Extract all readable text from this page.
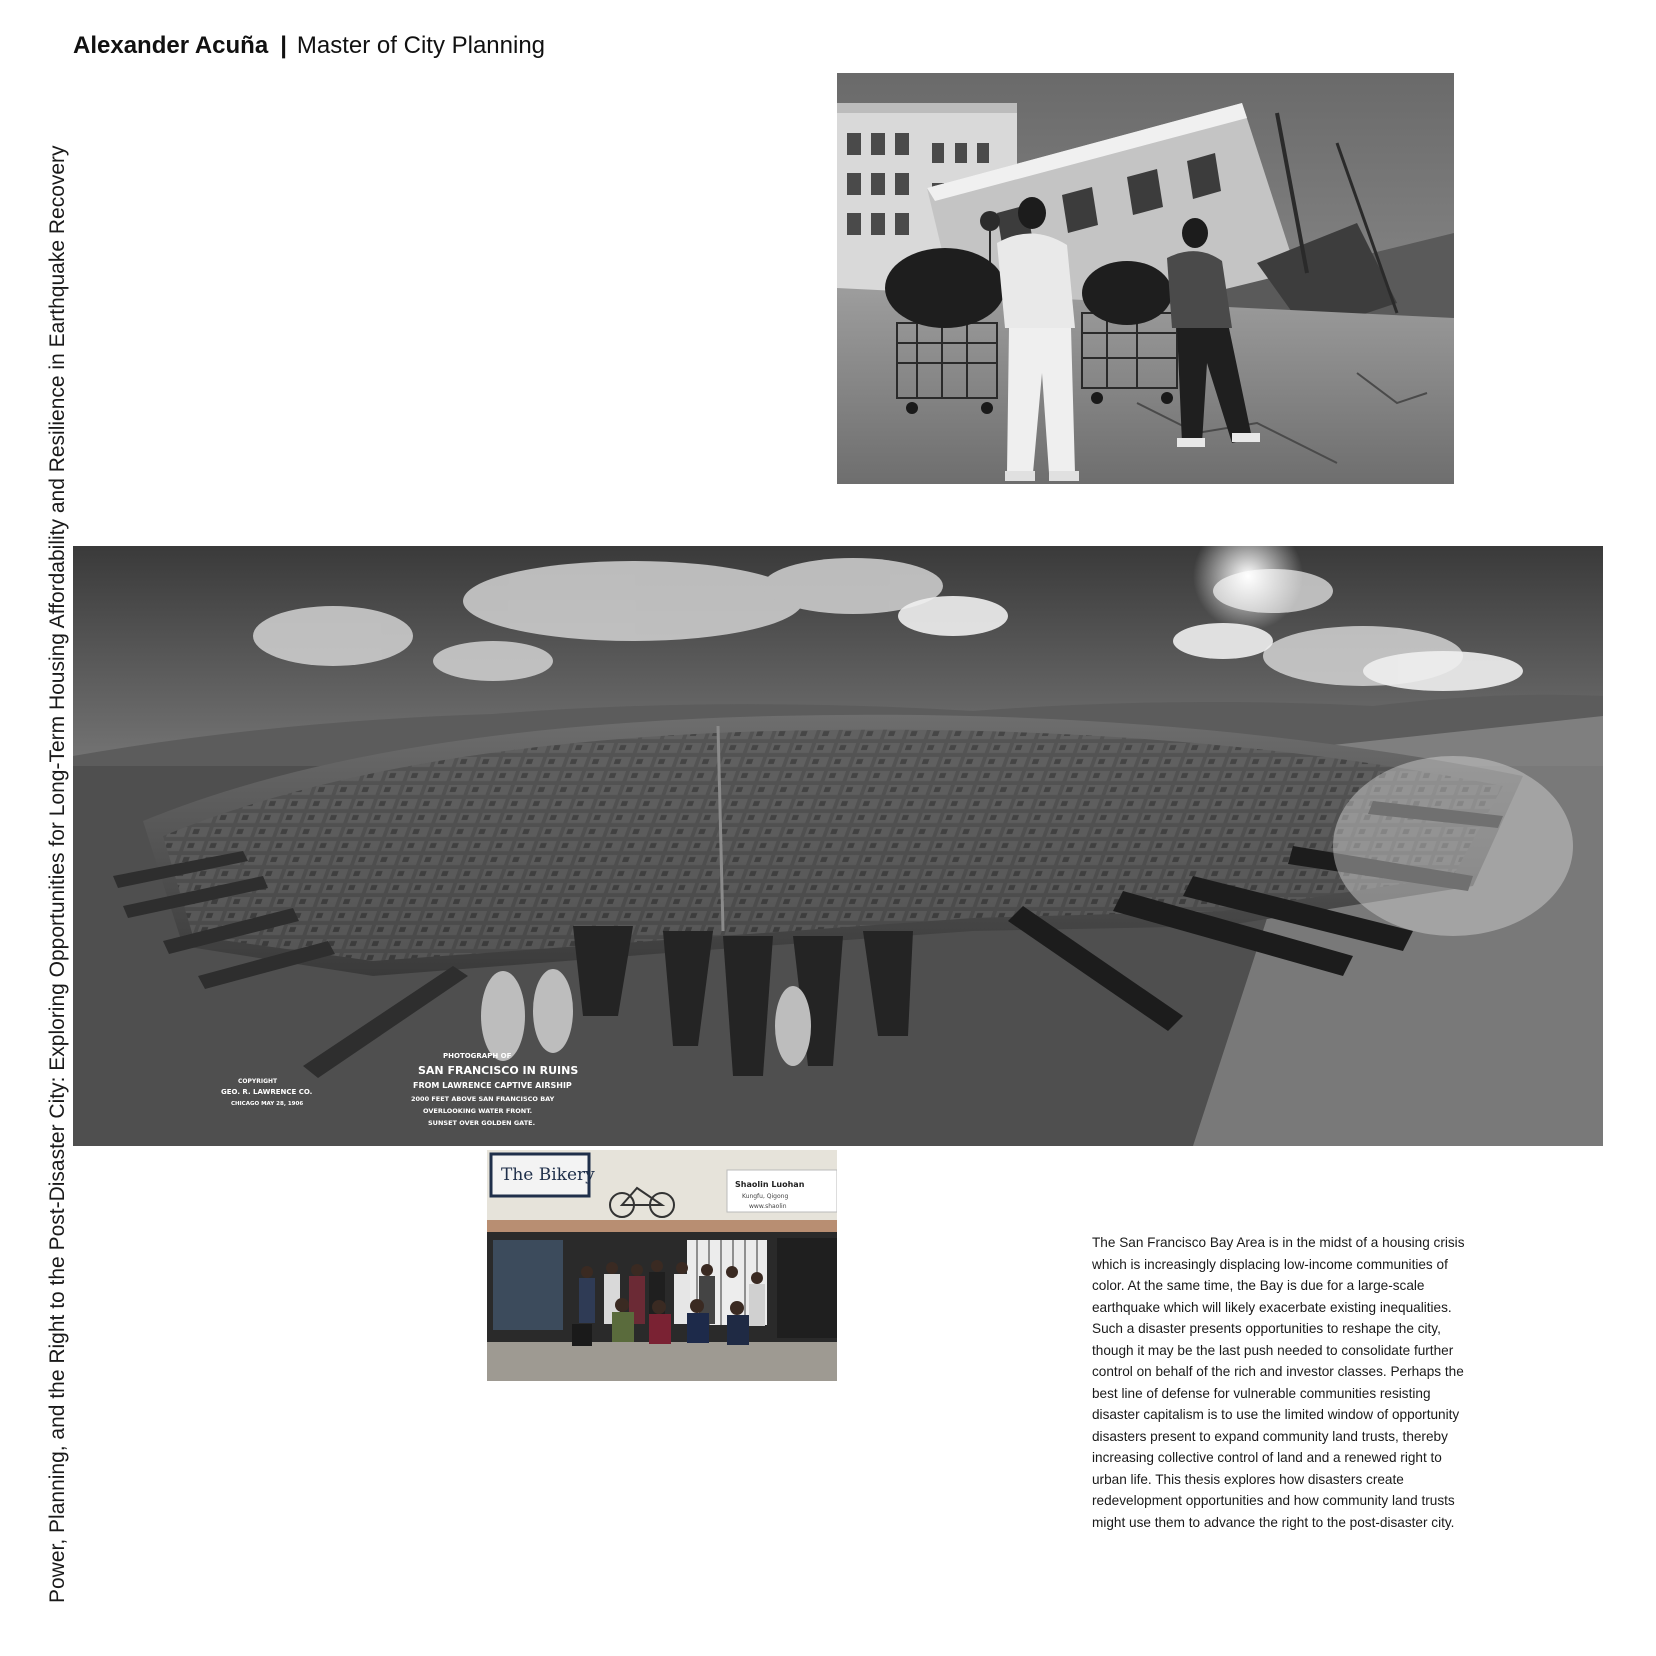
Power, Planning, and the Right to the Post-Disaster City: Exploring Opportunities for Long-Term Housing Affordability and Resilience in Earthquake Recovery
Alexander Acuña | Master of City Planning
PHOTOGRAPH OF
SAN FRANCISCO IN RUINS
FROM LAWRENCE CAPTIVE AIRSHIP
2000 FEET ABOVE SAN FRANCISCO BAY
OVERLOOKING WATER FRONT.
SUNSET OVER GOLDEN GATE.
COPYRIGHT
GEO. R. LAWRENCE CO.
CHICAGO MAY 28, 1906
The Bikery	Shaolin Luohan
Kungfu, Qigong
www.shaolin

The San Francisco Bay Area is in the midst of a housing crisis which is increasingly displacing low-income communities of color. At the same time, the Bay is due for a large-scale earthquake which will likely exacerbate existing inequalities. Such a disaster presents opportunities to reshape the city, though it may be the last push needed to consolidate further control on behalf of the rich and investor classes. Perhaps the best line of defense for vulnerable communities resisting disaster capitalism is to use the limited window of opportunity disasters present to expand community land trusts, thereby increasing collective control of land and a renewed right to urban life. This thesis explores how disasters create redevelopment opportunities and how community land trusts might use them to advance the right to the post-disaster city.
